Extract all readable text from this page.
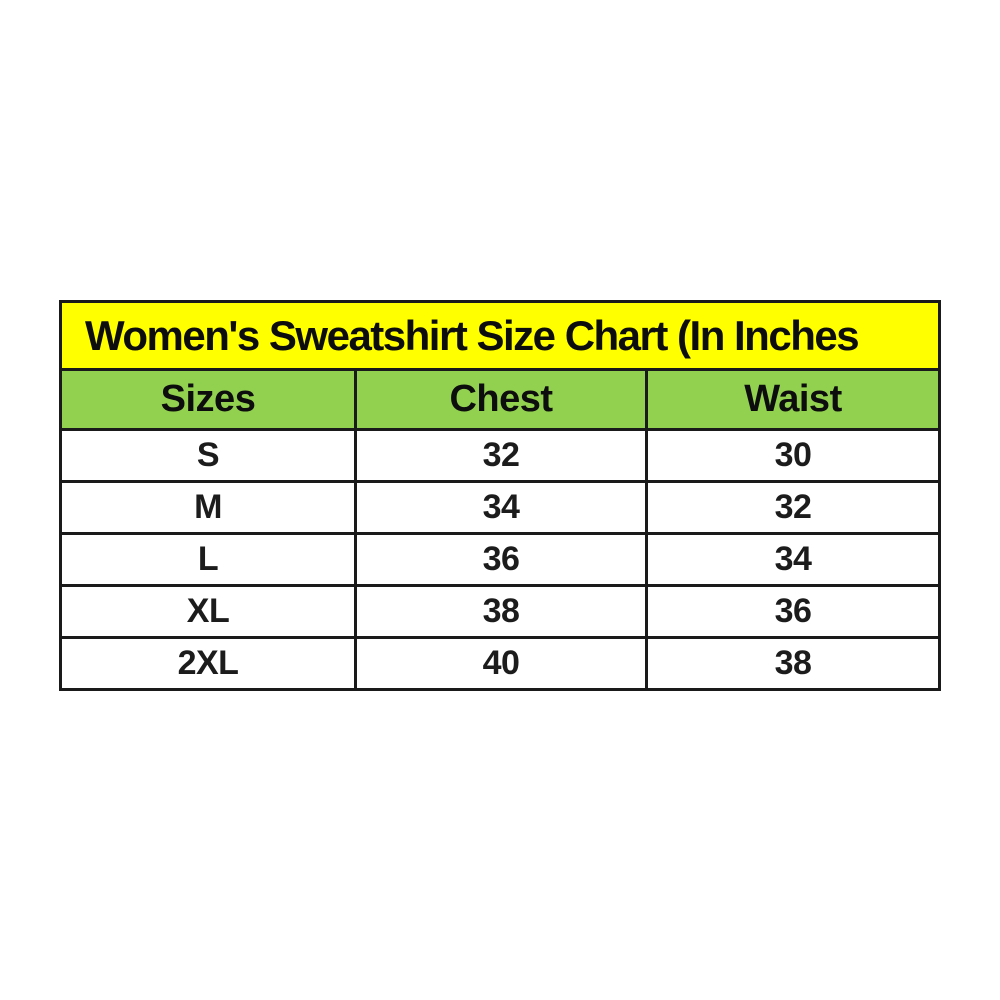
Women's Sweatshirt Size Chart (In Inches		
Sizes	Chest	Waist
S	32	30
M	34	32
L	36	34
XL	38	36
2XL	40	38
